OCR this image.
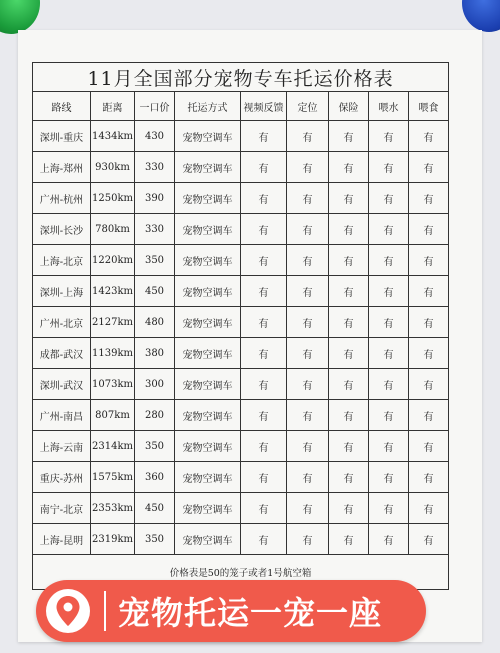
11月全国部分宠物专车托运价格表								
路线	距离	一口价	托运方式	视频反馈	定位	保险	喂水	喂食
深圳-重庆	1434km	430	宠物空调车	有	有	有	有	有
上海-郑州	930km	330	宠物空调车	有	有	有	有	有
广州-杭州	1250km	390	宠物空调车	有	有	有	有	有
深圳-长沙	780km	330	宠物空调车	有	有	有	有	有
上海-北京	1220km	350	宠物空调车	有	有	有	有	有
深圳-上海	1423km	450	宠物空调车	有	有	有	有	有
广州-北京	2127km	480	宠物空调车	有	有	有	有	有
成都-武汉	1139km	380	宠物空调车	有	有	有	有	有
深圳-武汉	1073km	300	宠物空调车	有	有	有	有	有
广州-南昌	807km	280	宠物空调车	有	有	有	有	有
上海-云南	2314km	350	宠物空调车	有	有	有	有	有
重庆-苏州	1575km	360	宠物空调车	有	有	有	有	有
南宁-北京	2353km	450	宠物空调车	有	有	有	有	有
上海-昆明	2319km	350	宠物空调车	有	有	有	有	有
价格表是50的笼子或者1号航空箱								
宠物托运一宠一座
